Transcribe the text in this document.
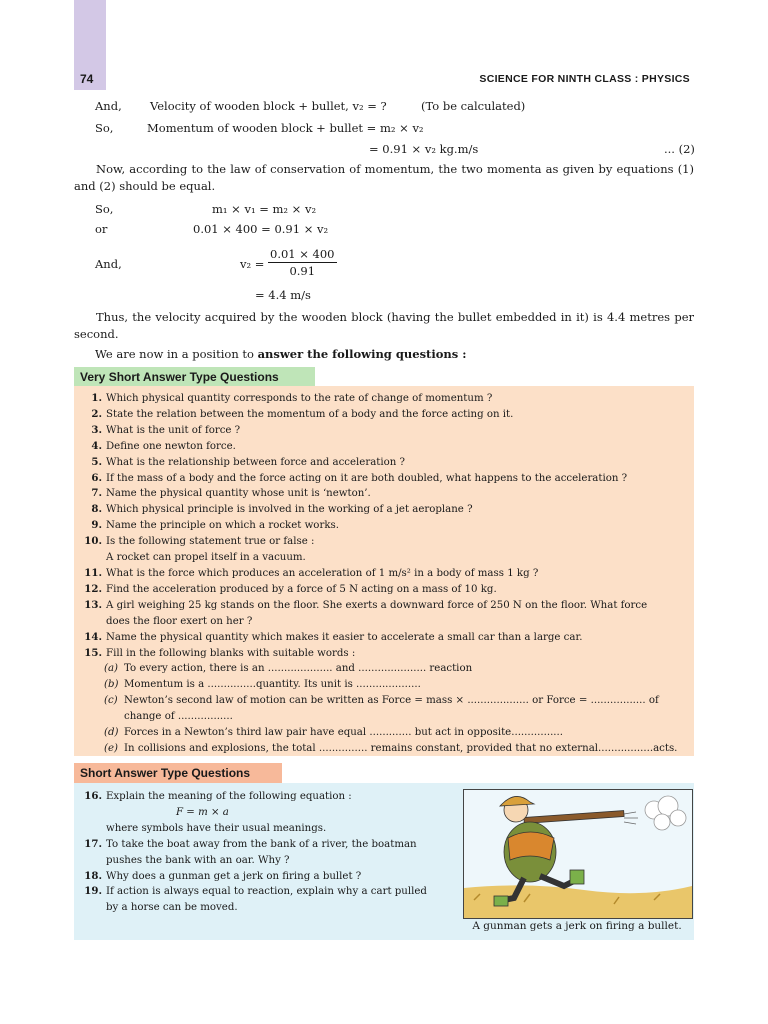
74	SCIENCE FOR NINTH CLASS : PHYSICS
And, Velocity of wooden block + bullet, v₂ = ?	(To be calculated)
So,	Momentum of wooden block + bullet = m₂ × v₂
= 0.91 × v₂ kg.m/s	... (2)
Now, according to the law of conservation of momentum, the two momenta as given by equations (1) and (2) should be equal.
So,	m₁ × v₁ = m₂ × v₂
or	0.01 × 400 = 0.91 × v₂
And,	$v_2 = \frac{0.01 \times 400}{0.91}$
= 4.4 m/s
Thus, the velocity acquired by the wooden block (having the bullet embedded in it) is 4.4 metres per second.
We are now in a position to answer the following questions :
Very Short Answer Type Questions
1. Which physical quantity corresponds to the rate of change of momentum ?
2. State the relation between the momentum of a body and the force acting on it.
3. What is the unit of force ?
4. Define one newton force.
5. What is the relationship between force and acceleration ?
6. If the mass of a body and the force acting on it are both doubled, what happens to the acceleration ?
7. Name the physical quantity whose unit is ‘newton’.
8. Which physical principle is involved in the working of a jet aeroplane ?
9. Name the principle on which a rocket works.
10. Is the following statement true or false :
A rocket can propel itself in a vacuum.
11. What is the force which produces an acceleration of 1 m/s² in a body of mass 1 kg ?
12. Find the acceleration produced by a force of 5 N acting on a mass of 10 kg.
13. A girl weighing 25 kg stands on the floor. She exerts a downward force of 250 N on the floor. What force
does the floor exert on her ?
14. Name the physical quantity which makes it easier to accelerate a small car than a large car.
15. Fill in the following blanks with suitable words :
(a) To every action, there is an .................... and ..................... reaction
(b) Momentum is a ...............quantity. Its unit is ....................
(c) Newton’s second law of motion can be written as Force = mass × ................... or Force = ................. of
change of .................
(d) Forces in a Newton’s third law pair have equal ............. but act in opposite................
(e) In collisions and explosions, the total ............... remains constant, provided that no external.................acts.
Short Answer Type Questions
16. Explain the meaning of the following equation :
F = m × a
where symbols have their usual meanings.
17. To take the boat away from the bank of a river, the boatman
pushes the bank with an oar. Why ?
18. Why does a gunman get a jerk on firing a bullet ?
19. If action is always equal to reaction, explain why a cart pulled
by a horse can be moved.
A gunman gets a jerk on firing a bullet.
